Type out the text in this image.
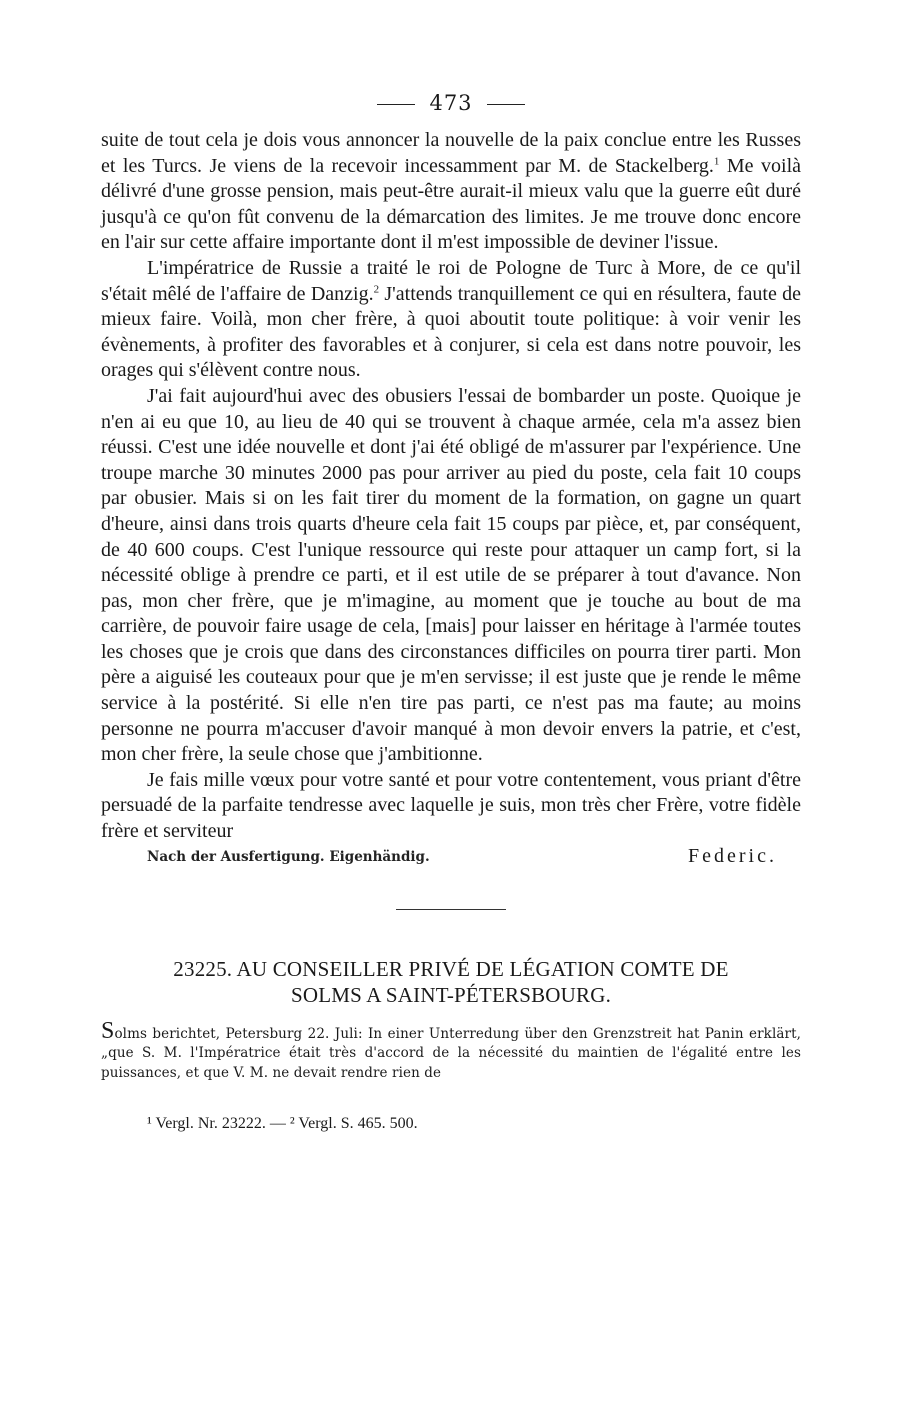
473

suite de tout cela je dois vous annoncer la nouvelle de la paix conclue entre les Russes et les Turcs. Je viens de la recevoir incessamment par M. de Stackelberg.$^1$ Me voilà délivré d'une grosse pension, mais peut-être aurait-il mieux valu que la guerre eût duré jusqu'à ce qu'on fût convenu de la démarcation des limites. Je me trouve donc encore en l'air sur cette affaire importante dont il m'est impossible de deviner l'issue.

L'impératrice de Russie a traité le roi de Pologne de Turc à More, de ce qu'il s'était mêlé de l'affaire de Danzig.$^2$ J'attends tranquillement ce qui en résultera, faute de mieux faire. Voilà, mon cher frère, à quoi aboutit toute politique: à voir venir les évènements, à profiter des favorables et à conjurer, si cela est dans notre pouvoir, les orages qui s'élèvent contre nous.

J'ai fait aujourd'hui avec des obusiers l'essai de bombarder un poste. Quoique je n'en ai eu que 10, au lieu de 40 qui se trouvent à chaque armée, cela m'a assez bien réussi. C'est une idée nouvelle et dont j'ai été obligé de m'assurer par l'expérience. Une troupe marche 30 minutes 2000 pas pour arriver au pied du poste, cela fait 10 coups par obusier. Mais si on les fait tirer du moment de la formation, on gagne un quart d'heure, ainsi dans trois quarts d'heure cela fait 15 coups par pièce, et, par conséquent, de 40 600 coups. C'est l'unique ressource qui reste pour attaquer un camp fort, si la nécessité oblige à prendre ce parti, et il est utile de se préparer à tout d'avance. Non pas, mon cher frère, que je m'imagine, au moment que je touche au bout de ma carrière, de pouvoir faire usage de cela, [mais] pour laisser en héritage à l'armée toutes les choses que je crois que dans des circonstances difficiles on pourra tirer parti. Mon père a aiguisé les couteaux pour que je m'en servisse; il est juste que je rende le même service à la postérité. Si elle n'en tire pas parti, ce n'est pas ma faute; au moins personne ne pourra m'accuser d'avoir manqué à mon devoir envers la patrie, et c'est, mon cher frère, la seule chose que j'ambitionne.

Je fais mille vœux pour votre santé et pour votre contentement, vous priant d'être persuadé de la parfaite tendresse avec laquelle je suis, mon très cher Frère, votre fidèle frère et serviteur

Nach der Ausfertigung. Eigenhändig.	Federic.
23225. AU CONSEILLER PRIVÉ DE LÉGATION COMTE DE
SOLMS A SAINT-PÉTERSBOURG.
Solms berichtet, Petersburg 22. Juli: In einer Unterredung über den Grenzstreit hat Panin erklärt, „que S. M. l'Impératrice était très d'accord de la nécessité du maintien de l'égalité entre les puissances, et que V. M. ne devait rendre rien de
¹ Vergl. Nr. 23222. — ² Vergl. S. 465. 500.
